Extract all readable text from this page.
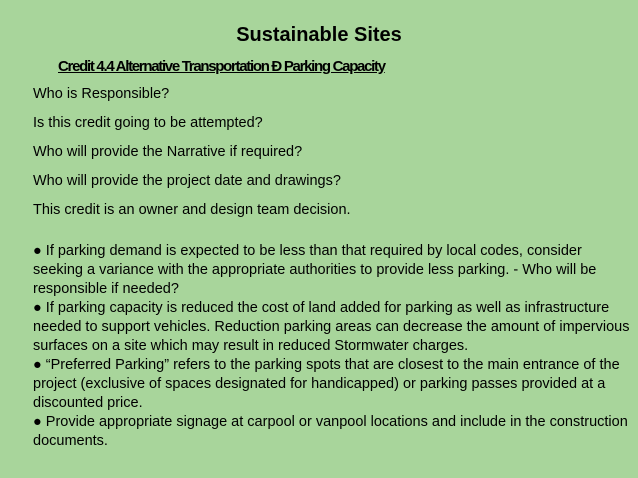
Sustainable Sites
Credit 4.4 Alternative Transportation Ð Parking Capacity

Who is Responsible?

Is this credit going to be attempted?

Who will provide the Narrative if required?

Who will provide the project date and drawings?

This credit is an owner and design team decision.

● If parking demand is expected to be less than that required by local codes, consider seeking a variance with the appropriate authorities to provide less parking. - Who will be responsible if needed?

● If parking capacity is reduced the cost of land added for parking as well as infrastructure needed to support vehicles. Reduction parking areas can decrease the amount of impervious surfaces on a site which may result in reduced Stormwater charges.

● “Preferred Parking” refers to the parking spots that are closest to the main entrance of the project (exclusive of spaces designated for handicapped) or parking passes provided at a discounted price.

● Provide appropriate signage at carpool or vanpool locations and include in the construction documents.
